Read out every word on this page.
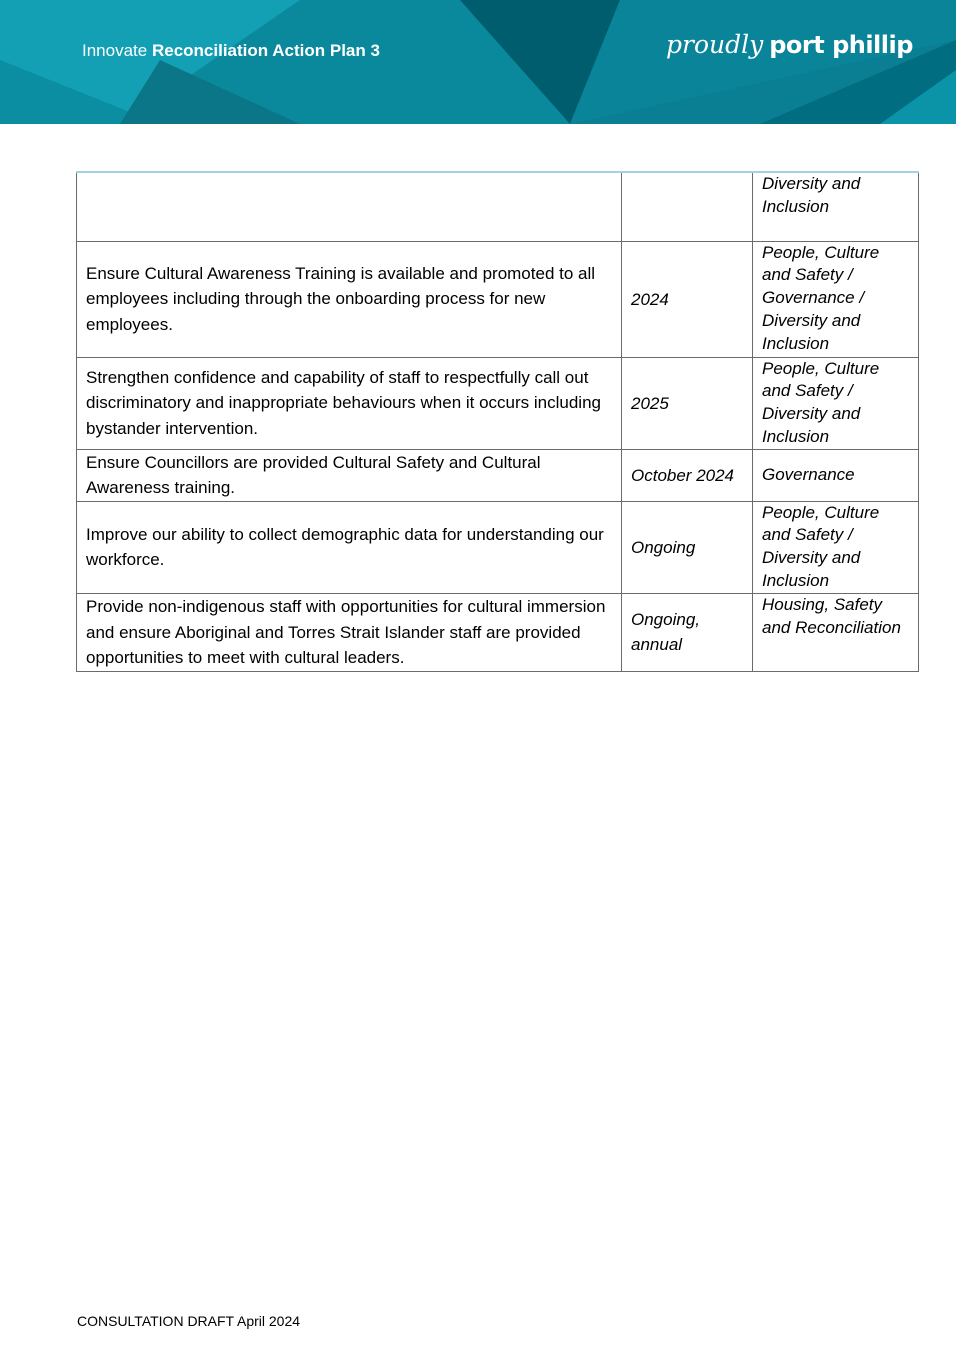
Innovate Reconciliation Action Plan 3	proudly port phillip
		Diversity and Inclusion
Ensure Cultural Awareness Training is available and promoted to all employees including through the onboarding process for new employees.	2024	People, Culture and Safety / Governance / Diversity and Inclusion
Strengthen confidence and capability of staff to respectfully call out discriminatory and inappropriate behaviours when it occurs including bystander intervention.	2025	People, Culture and Safety / Diversity and Inclusion
Ensure Councillors are provided Cultural Safety and Cultural Awareness training.	October 2024	Governance
Improve our ability to collect demographic data for understanding our workforce.	Ongoing	People, Culture and Safety / Diversity and Inclusion
Provide non-indigenous staff with opportunities for cultural immersion and ensure Aboriginal and Torres Strait Islander staff are provided opportunities to meet with cultural leaders.	Ongoing, annual	Housing, Safety and Reconciliation
CONSULTATION DRAFT April 2024
